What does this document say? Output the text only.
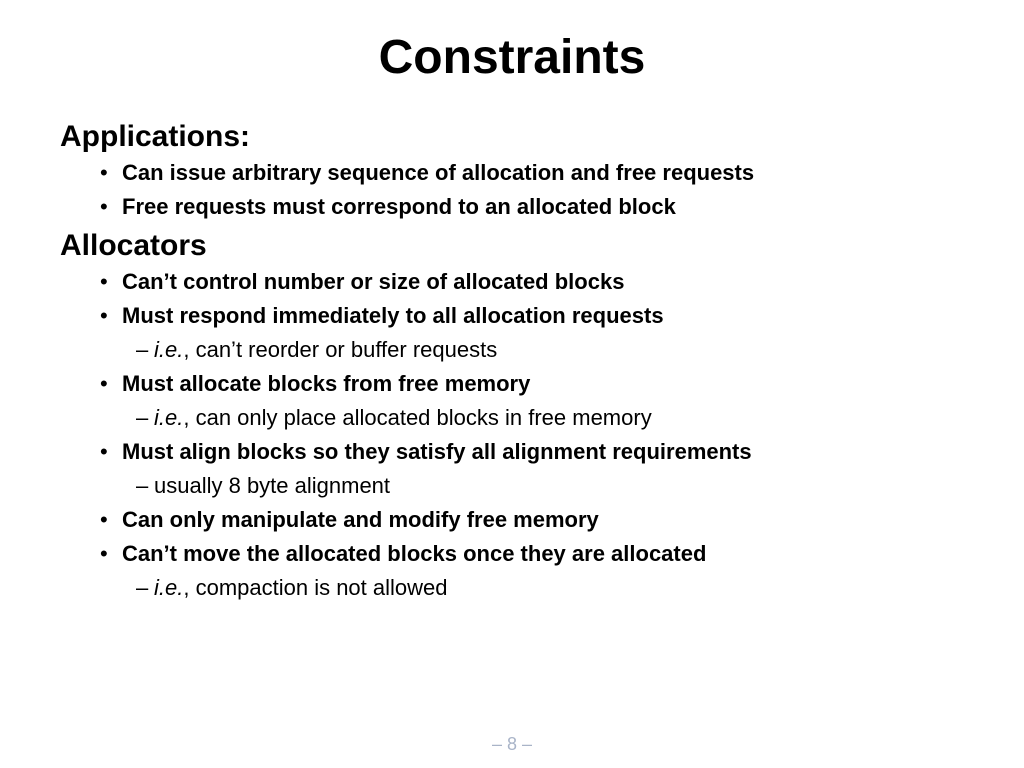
Constraints
Applications:
• Can issue arbitrary sequence of allocation and free requests
• Free requests must correspond to an allocated block
Allocators
• Can’t control number or size of allocated blocks
• Must respond immediately to all allocation requests
– i.e., can’t reorder or buffer requests
• Must allocate blocks from free memory
– i.e., can only place allocated blocks in free memory
• Must align blocks so they satisfy all alignment requirements
– usually 8 byte alignment
• Can only manipulate and modify free memory
• Can’t move the allocated blocks once they are allocated
– i.e., compaction is not allowed
– 8 –
